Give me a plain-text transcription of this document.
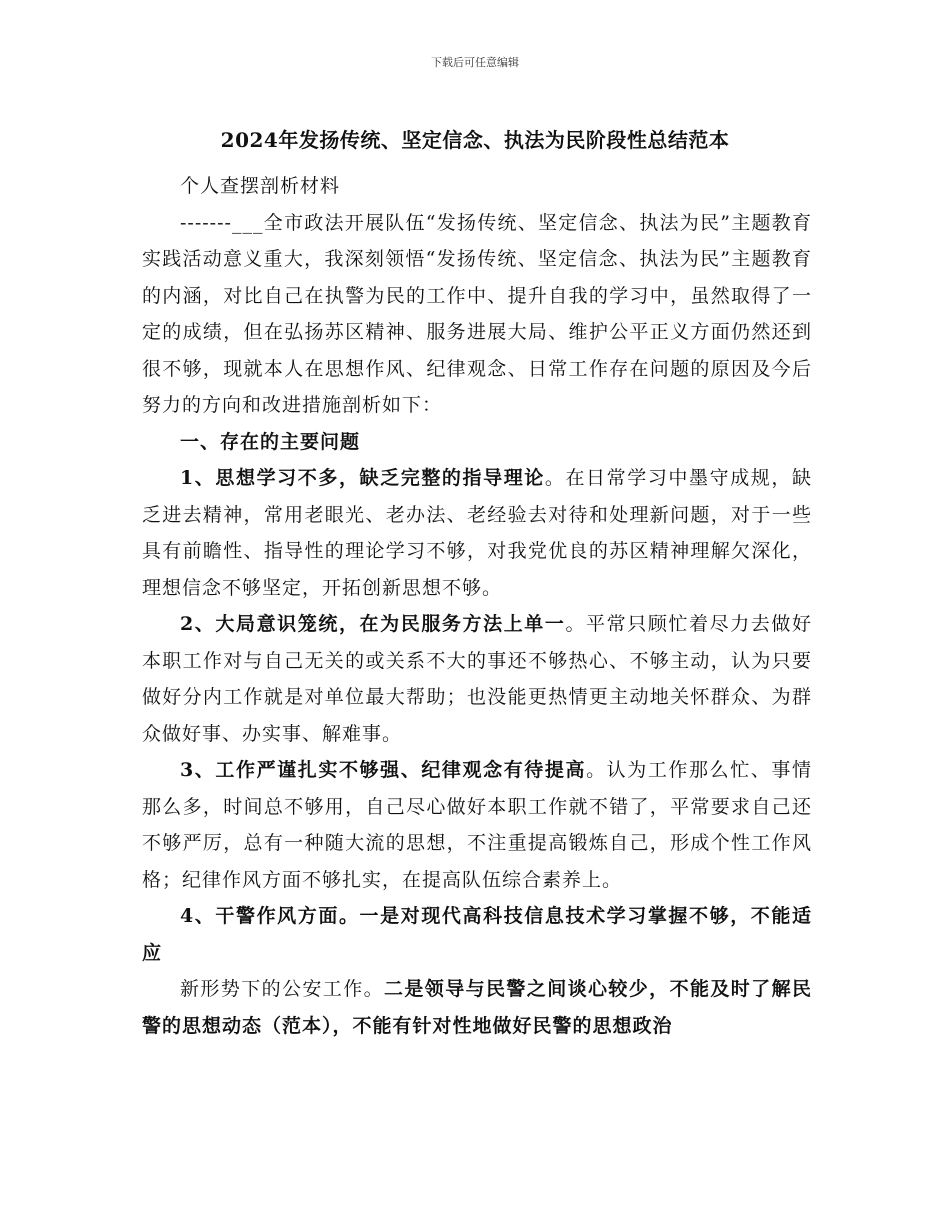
下载后可任意编辑
2024年发扬传统、坚定信念、执法为民阶段性总结范本

个人查摆剖析材料

-------___全市政法开展队伍“发扬传统、坚定信念、执法为民”主题教育实践活动意义重大，我深刻领悟“发扬传统、坚定信念、执法为民”主题教育的内涵，对比自己在执警为民的工作中、提升自我的学习中，虽然取得了一定的成绩，但在弘扬苏区精神、服务进展大局、维护公平正义方面仍然还到很不够，现就本人在思想作风、纪律观念、日常工作存在问题的原因及今后努力的方向和改进措施剖析如下：

一、存在的主要问题

1、思想学习不多，缺乏完整的指导理论。在日常学习中墨守成规，缺乏进去精神，常用老眼光、老办法、老经验去对待和处理新问题，对于一些具有前瞻性、指导性的理论学习不够，对我党优良的苏区精神理解欠深化，理想信念不够坚定，开拓创新思想不够。

2、大局意识笼统，在为民服务方法上单一。平常只顾忙着尽力去做好本职工作对与自己无关的或关系不大的事还不够热心、不够主动，认为只要做好分内工作就是对单位最大帮助；也没能更热情更主动地关怀群众、为群众做好事、办实事、解难事。

3、工作严谨扎实不够强、纪律观念有待提高。认为工作那么忙、事情那么多，时间总不够用，自己尽心做好本职工作就不错了，平常要求自己还不够严厉，总有一种随大流的思想，不注重提高锻炼自己，形成个性工作风格；纪律作风方面不够扎实，在提高队伍综合素养上。

4、干警作风方面。一是对现代高科技信息技术学习掌握不够，不能适应

新形势下的公安工作。二是领导与民警之间谈心较少，不能及时了解民警的思想动态（范本），不能有针对性地做好民警的思想政治
